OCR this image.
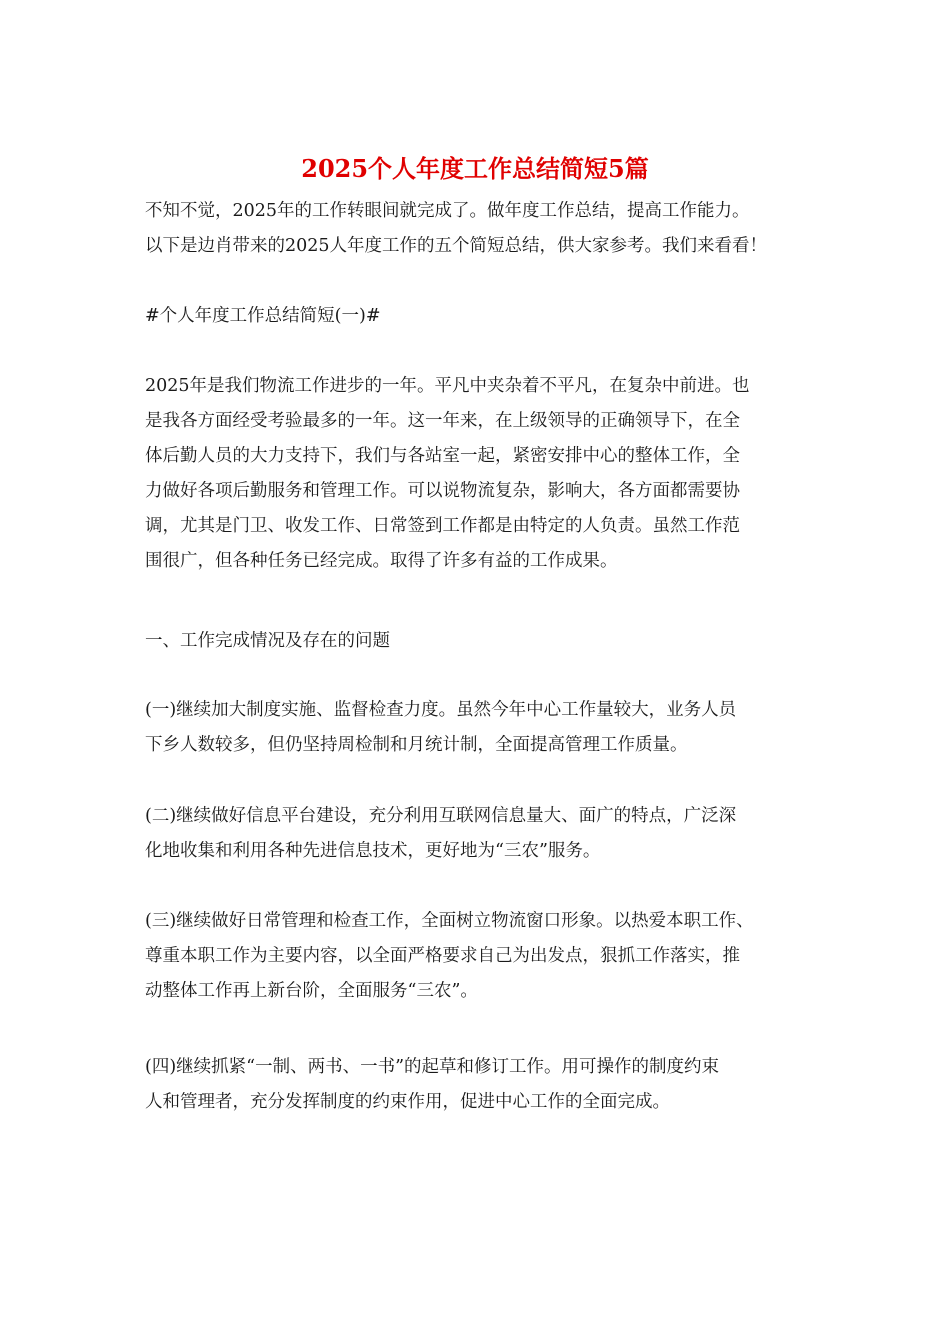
2025个人年度工作总结简短5篇
不知不觉，2025年的工作转眼间就完成了。做年度工作总结，提高工作能力。
以下是边肖带来的2025人年度工作的五个简短总结，供大家参考。我们来看看！
#个人年度工作总结简短(一)#
2025年是我们物流工作进步的一年。平凡中夹杂着不平凡，在复杂中前进。也
是我各方面经受考验最多的一年。这一年来，在上级领导的正确领导下，在全
体后勤人员的大力支持下，我们与各站室一起，紧密安排中心的整体工作，全
力做好各项后勤服务和管理工作。可以说物流复杂，影响大，各方面都需要协
调，尤其是门卫、收发工作、日常签到工作都是由特定的人负责。虽然工作范
围很广，但各种任务已经完成。取得了许多有益的工作成果。
一、工作完成情况及存在的问题
(一)继续加大制度实施、监督检查力度。虽然今年中心工作量较大，业务人员
下乡人数较多，但仍坚持周检制和月统计制，全面提高管理工作质量。
(二)继续做好信息平台建设，充分利用互联网信息量大、面广的特点，广泛深
化地收集和利用各种先进信息技术，更好地为“三农”服务。
(三)继续做好日常管理和检查工作，全面树立物流窗口形象。以热爱本职工作、
尊重本职工作为主要内容，以全面严格要求自己为出发点，狠抓工作落实，推
动整体工作再上新台阶，全面服务“三农”。
(四)继续抓紧“一制、两书、一书”的起草和修订工作。用可操作的制度约束
人和管理者，充分发挥制度的约束作用，促进中心工作的全面完成。
